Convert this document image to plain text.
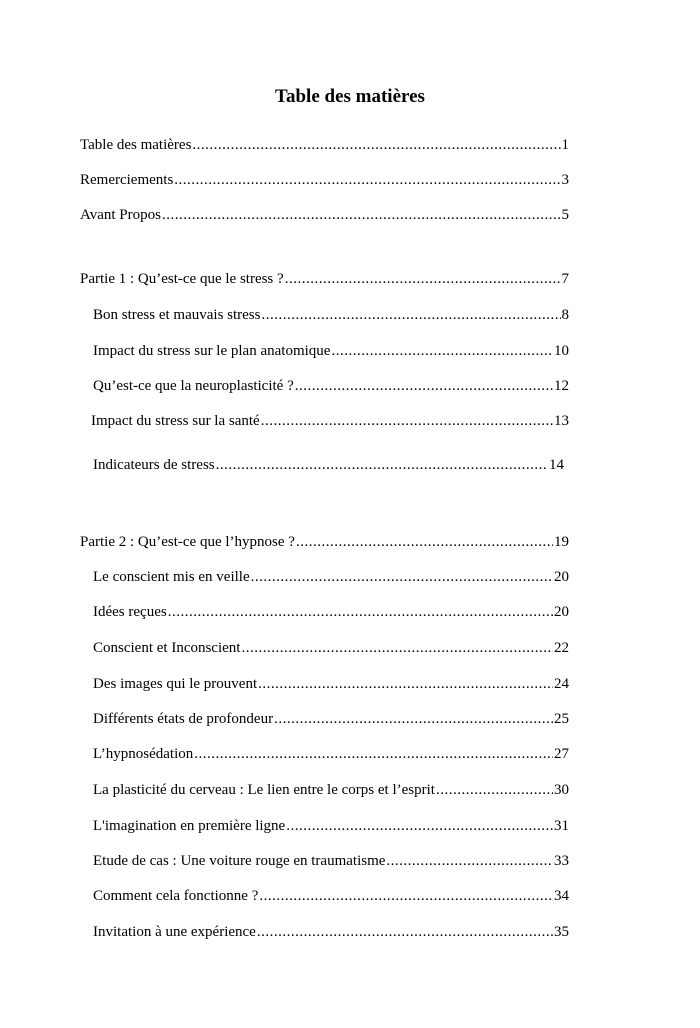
Table des matières
Table des matières .....	1
Remerciements .....	3
Avant Propos .....	5
Partie 1 : Qu’est-ce que le stress ? .....	7
Bon stress et mauvais stress .....	8
Impact du stress sur le plan anatomique .....	10
Qu’est-ce que la neuroplasticité ? .....	12
Impact du stress sur la santé .....	13
Indicateurs de stress .....	14
Partie 2 : Qu’est-ce que l’hypnose ? .....	19
Le conscient mis en veille .....	20
Idées reçues .....	20
Conscient et Inconscient .....	22
Des images qui le prouvent .....	24
Différents états de profondeur .....	25
L’hypnosédation .....	27
La plasticité du cerveau : Le lien entre le corps et l’esprit .....	30
L'imagination en première ligne .....	31
Etude de cas : Une voiture rouge en traumatisme .....	33
Comment cela fonctionne ? .....	34
Invitation à une expérience .....	35
